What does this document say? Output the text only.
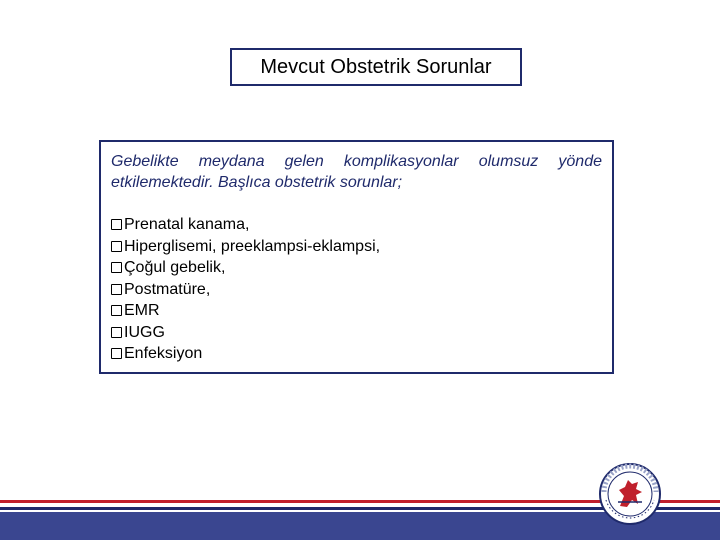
Mevcut Obstetrik Sorunlar

Gebelikte meydana gelen komplikasyonlar olumsuz yönde etkilemektedir. Başlıca obstetrik sorunlar;

Prenatal kanama,
Hiperglisemi, preeklampsi-eklampsi,
Çoğul gebelik,
Postmatüre,
EMR
IUGG
Enfeksiyon
